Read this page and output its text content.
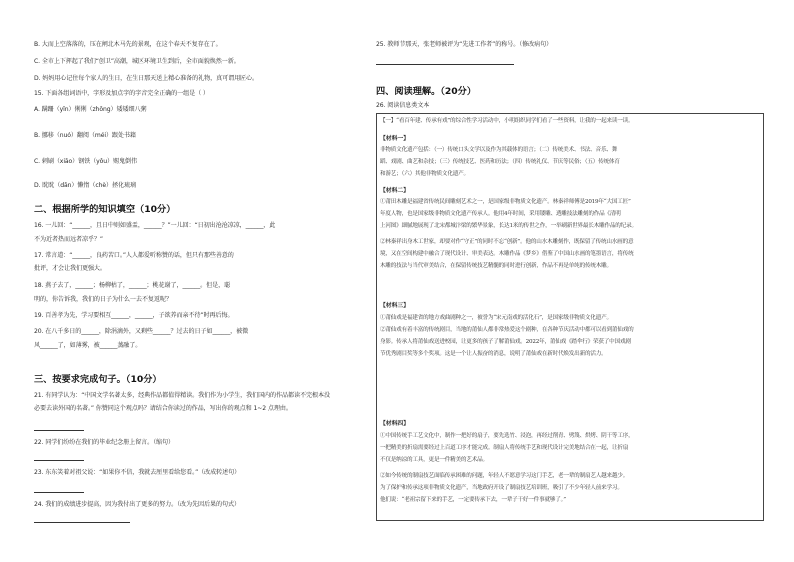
B. 大而上空落落的，压在闸北木马先的景观，在这个春天不复存在了。
C. 全市上下挥起了我们“创卫”高潮，城区环境卫生到后，全市面貌焕然一新。
D. 妈妈用心记住每个家人的生日，在生日那天送上精心准备的礼物，真可谓用匠心。
15. 下面各组词语中，字形及加点字的字音完全正确的一组是（ ）
A. 蹒跚（yǐn）俐俐（zhōng）矮矮细八粥
B. 挪移（nuó）翻阅（méi）跟处书籍
C. 刺刷（xiāo）钢铁（yǒu）赐鬼倒伟
D. 眈眈（dān）懒惰（chè）拯化琉璃
二、根据所学的知识填空（10分）
16. 一儿回：“______，且日中则如盛盂，______？”一儿回：“日初出沧沧凉凉，______，此
不为近者热而远者凉乎？”
17. 常言道：“______，良药苦口。”人人都爱听称赞的话，但只有那些善意的
批评，才会让我们更强大。
18. 燕子去了，______；杨柳枯了，______；桃花谢了，______。但是，聪
明的，你告诉我，我们的日子为什么一去不复返呢？
19. 百善孝为先，学习要相互______，______，子欲养而亲不待”时再后悔。
20. 在八千多日的______，除涓滴外，又剩些______？过去的日子如______，被微
风______了，如薄雾，被______蒸融了。
三、按要求完成句子。（10分）
21. 有同学认为：“中国文学名著太多，经典作品都值得精读。我们作为小学生，我们国内的作品都读不完根本没
必要去读外国的名著。” 你赞同这个观点吗？请结合你读过的作品，写出你的观点和 1~2 点理由。
22. 同学们纷纷在我们的毕业纪念册上留言。（缩句）
23. 东东笑着对祖父说：“如果你不信，我就去厘里看给您看。”（改成转述句）
24. 我们的成绩进步提高，因为我付出了更多的努力。（改为先因后果的句式）
25. 教师节那天，张老师被评为“先进工作者”的称号。（修改病句）
四、阅读理解。（20分）
26. 阅读信息类文本
【一】“看百年建、传承有戏”的综合性学习活动中，小明组织同学们看了一些资料，让我的一起来读一读。
【材料一】
非物质文化遗产包括：（一）传统口头文学以及作为其载体的语言；（二）传统美术、书法、音乐、舞
蹈、戏剧、曲艺和杂技；（三）传统技艺、医药和历法；（四）传统礼仪、节庆等民俗；（五）传统体育
和游艺；（六）其他非物质文化遗产。
【材料二】
①莆田木雕是福建省传统民间雕刻艺术之一，是国家级非物质文化遗产。林秦祥师傅是2019年“大国工匠”
年度人物，也是国家级非物质文化遗产传承人。他用4年时间，采用镂雕、透雕技法雕刻的作品《清明
上河图》細腻地展现了北宋都城汴梁的繁华景象，长达1米的传世之作，一举刷新世界最长木雕作品的纪录。
②林秦祥出身木工世家，却要对作“守正”的同时不忘“创新”。他的山水木雕刻作，既保留了传统山水画的意
境，又在空间构建中融合了现代设计、审美表达。木雕作品《梦乡》借鉴了中国山水画的笔墨语言，将传统
木雕的技法与当代审美结合，在保留传统技艺精髓的同时进行创新，作品不再是单纯的传统木雕。
【材料三】
①莆仙戏是福建省的地方戏曲剧种之一，被誉为“宋元南戏的活化石”，是国家级非物质文化遗产。
②莆仙戏有着丰富的传统剧目，当地的莆仙人都非常热爱这个剧种，在各种节庆活动中都可以看到莆仙戏的
身影。传承人将莆仙戏送进校园，让更多的孩子了解莆仙戏。2022年，莆仙戏《踏伞行》荣获了中国戏剧
节优秀剧目奖等多个奖项。这是一个让人振奋的消息，说明了莆仙戏在新时代焕发出新的活力。
【材料四】
①中国传统手工艺文化中，制作一把好的扇子，要先选竹、浸泡，再经过削青、劈篾、烘烤、阴干等工序，
一把精美的折扇需要经过上百道工序才能完成。制扇人将传统手艺和现代设计完美地结合在一起，让折扇
不仅是纳凉的工具，更是一件精美的艺术品。
②如今传统的制扇技艺面临传承困难的问题，年轻人不愿意学习这门手艺，老一辈的制扇艺人越来越少。
为了保护和传承这项非物质文化遗产，当地政府开设了制扇技艺培训班，吸引了不少年轻人前来学习。
他们说：“老祖宗留下来的手艺，一定要传承下去，一辈子干好一件事就够了。”
